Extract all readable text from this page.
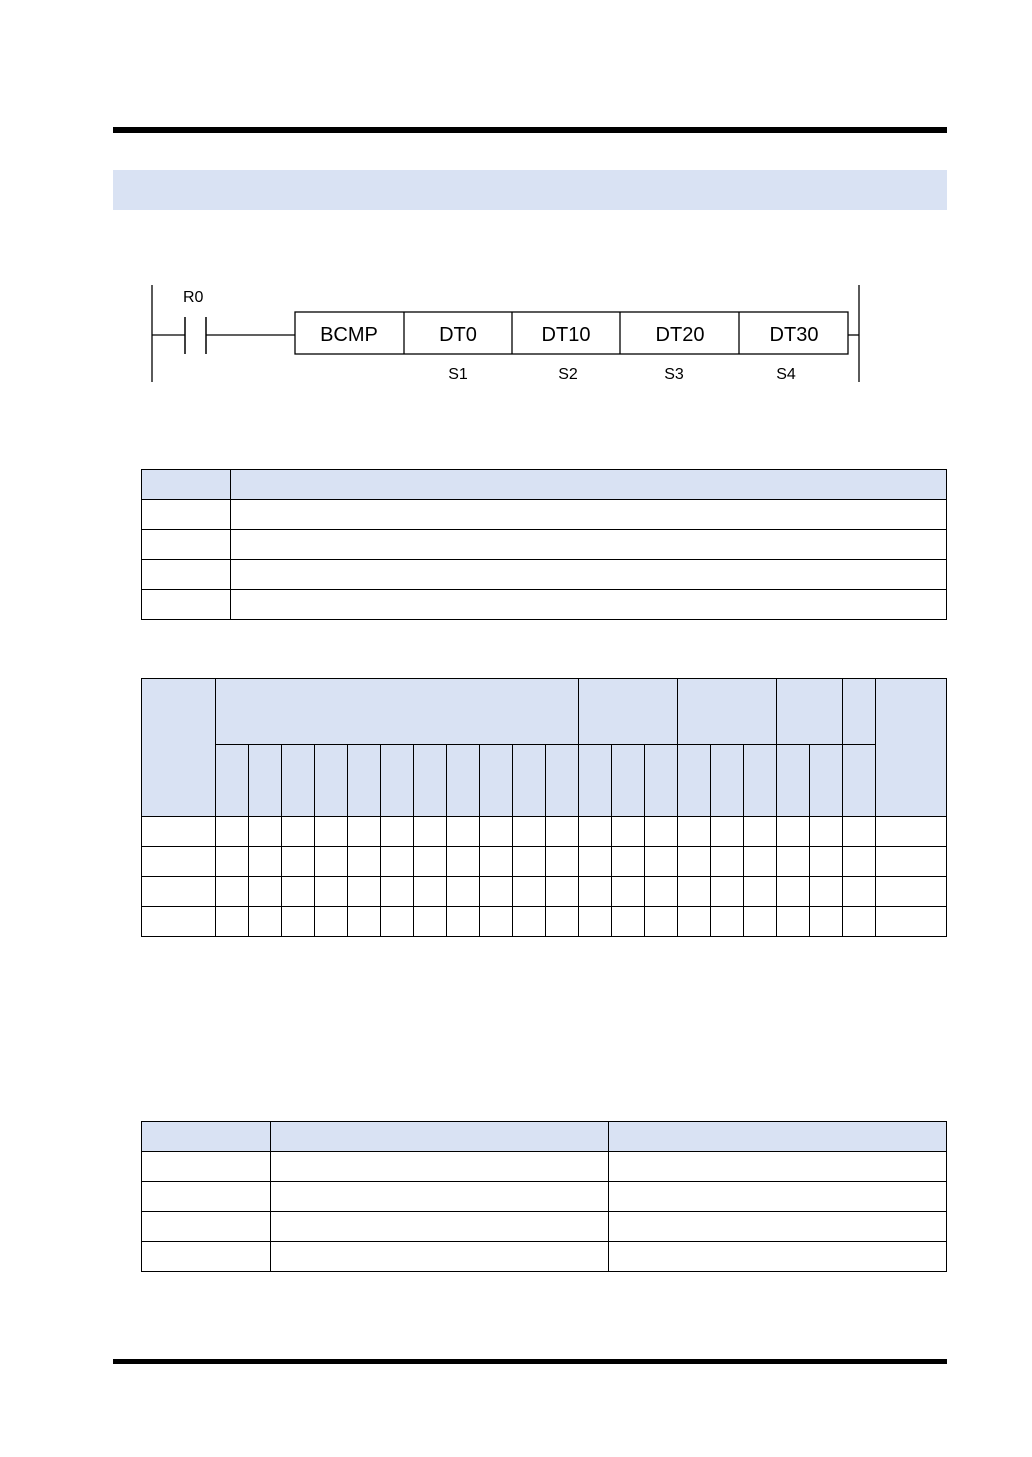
R0
BCMP	DT0	DT10	DT20	DT30
S1	S2	S3	S4
